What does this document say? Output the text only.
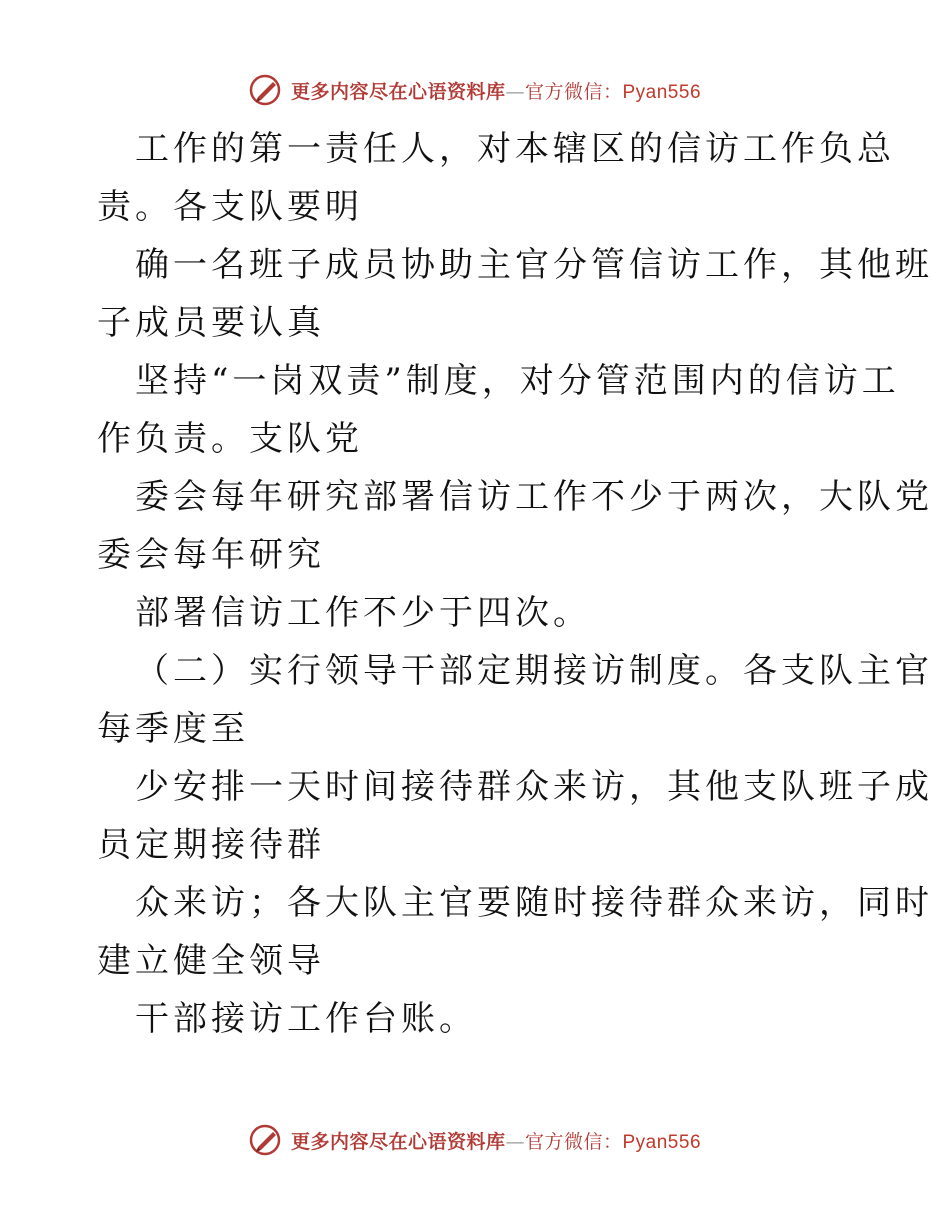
更多内容尽在心语资料库—官方微信：Pyan556
工作的第一责任人，对本辖区的信访工作负总
责。各支队要明
确一名班子成员协助主官分管信访工作，其他班
子成员要认真
坚持“一岗双责”制度，对分管范围内的信访工
作负责。支队党
委会每年研究部署信访工作不少于两次，大队党
委会每年研究
部署信访工作不少于四次。
（二）实行领导干部定期接访制度。各支队主官
每季度至
少安排一天时间接待群众来访，其他支队班子成
员定期接待群
众来访；各大队主官要随时接待群众来访，同时
建立健全领导
干部接访工作台账。
更多内容尽在心语资料库—官方微信：Pyan556
